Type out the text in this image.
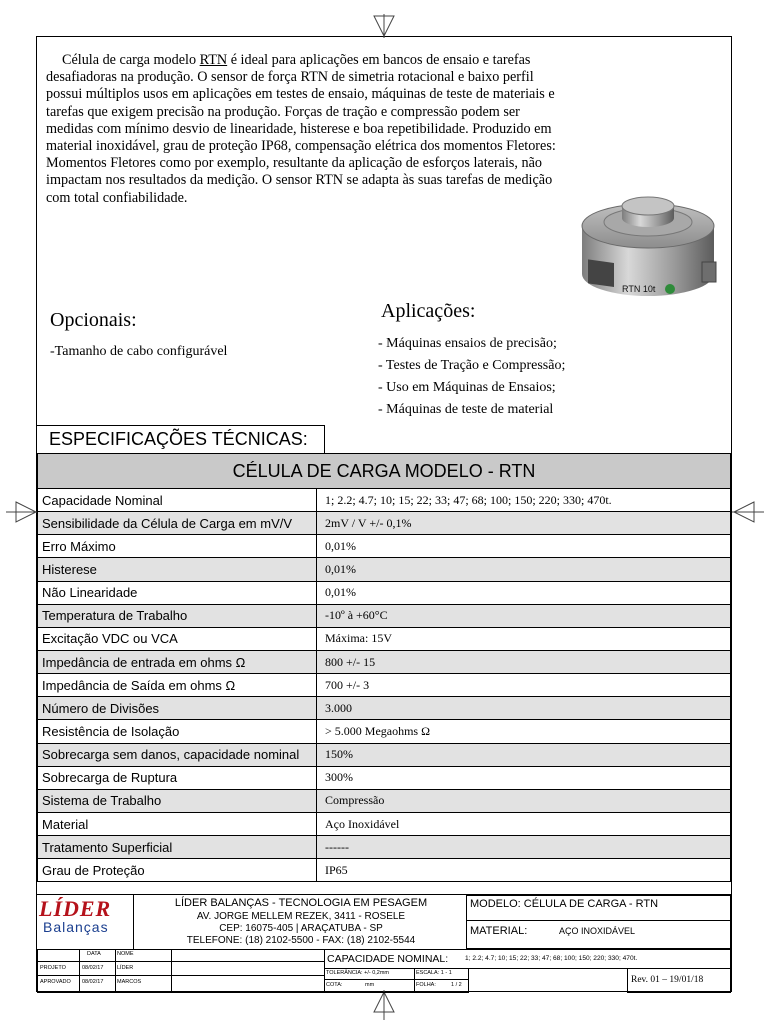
Célula de carga modelo RTN é ideal para aplicações em bancos de ensaio e tarefas desafiadoras na produção. O sensor de força RTN de simetria rotacional e baixo perfil possui múltiplos usos em aplicações em testes de ensaio, máquinas de teste de materiais e tarefas que exigem precisão na produção. Forças de tração e compressão podem ser medidas com mínimo desvio de linearidade, histerese e boa repetibilidade. Produzido em material inoxidável, grau de proteção IP68, compensação elétrica dos momentos Fletores: Momentos Fletores como por exemplo, resultante da aplicação de esforços laterais, não impactam nos resultados da medição. O sensor RTN se adapta às suas tarefas de medição com total confiabilidade.
RTN 10t
Opcionais:
-Tamanho de cabo configurável
Aplicações:
- Máquinas ensaios de precisão;
- Testes de Tração e Compressão;
- Uso em Máquinas de Ensaios;
- Máquinas de teste de material
ESPECIFICAÇÕES TÉCNICAS:
CÉLULA DE CARGA MODELO - RTN	
Capacidade Nominal	1; 2.2; 4.7; 10; 15; 22; 33; 47; 68; 100; 150; 220; 330; 470t.
Sensibilidade da Célula de Carga em mV/V	2mV / V +/- 0,1%
Erro Máximo	0,01%
Histerese	0,01%
Não Linearidade	0,01%
Temperatura de Trabalho	-10º à +60°C
Excitação VDC ou VCA	Máxima: 15V
Impedância de entrada em ohms Ω	800 +/- 15
Impedância de Saída em ohms Ω	700 +/- 3
Número de Divisões	3.000
Resistência de Isolação	> 5.000 Megaohms Ω
Sobrecarga sem danos, capacidade nominal	150%
Sobrecarga de Ruptura	300%
Sistema de Trabalho	Compressão
Material	Aço Inoxidável
Tratamento Superficial	------
Grau de Proteção	IP65
LÍDER
Balanças
LÍDER BALANÇAS - TECNOLOGIA EM PESAGEM
AV. JORGE MELLEM REZEK, 3411 - ROSELE
CEP: 16075-405 | ARAÇATUBA - SP
TELEFONE: (18) 2102-5500 - FAX: (18) 2102-5544
MODELO: CÉLULA DE CARGA - RTN
MATERIAL:	AÇO INOXIDÁVEL
DATA	NOME
PROJETO	08/02/17 LÍDER
APROVADO 08/02/17 MARCOS
CAPACIDADE NOMINAL:	1; 2.2; 4.7; 10; 15; 22; 33; 47; 68; 100; 150; 220; 330; 470t.
TOLERÂNCIA: +/- 0,2mm	ESCALA: 1 - 1
COTA:	mm	FOLHA:	1 / 2	Rev. 01 – 19/01/18
